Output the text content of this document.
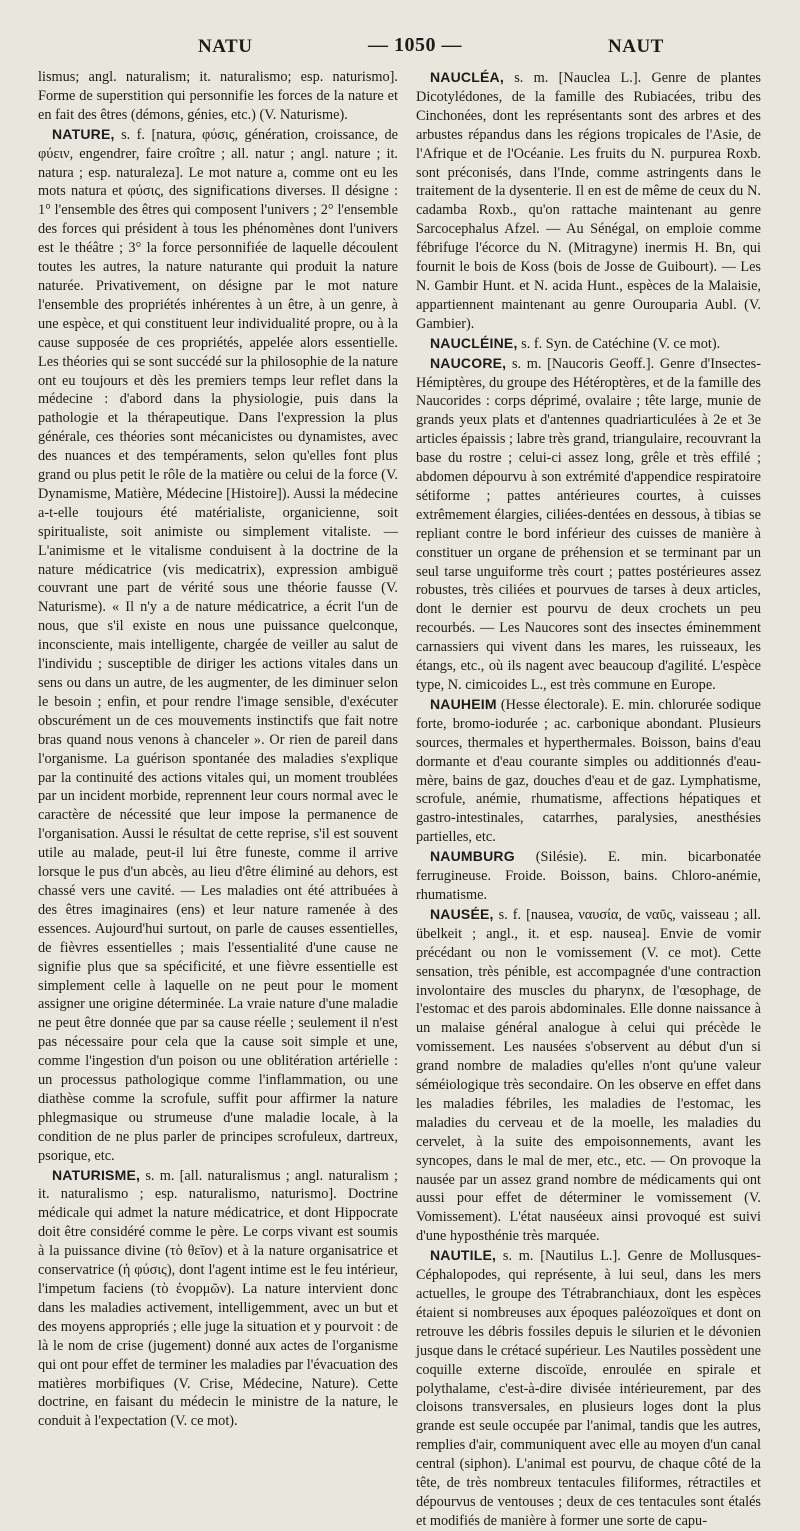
NATU	— 1050 —	NAUT

lismus; angl. naturalism; it. naturalismo; esp. naturismo]. Forme de superstition qui personnifie les forces de la nature et en fait des êtres (démons, génies, etc.) (V. Naturisme).

NATURE, s. f. [natura, φύσις, génération, croissance, de φύειν, engendrer, faire croître ; all. natur ; angl. nature ; it. natura ; esp. naturaleza]. Le mot nature a, comme ont eu les mots natura et φύσις, des significations diverses. Il désigne : 1° l'ensemble des êtres qui composent l'univers ; 2° l'ensemble des forces qui président à tous les phénomènes dont l'univers est le théâtre ; 3° la force personnifiée de laquelle découlent toutes les autres, la nature naturante qui produit la nature naturée. Privativement, on désigne par le mot nature l'ensemble des propriétés inhérentes à un être, à un genre, à une espèce, et qui constituent leur individualité propre, ou à la cause supposée de ces propriétés, appelée alors essentielle. Les théories qui se sont succédé sur la philosophie de la nature ont eu toujours et dès les premiers temps leur reflet dans la médecine : d'abord dans la physiologie, puis dans la pathologie et la thérapeutique. Dans l'expression la plus générale, ces théories sont mécanicistes ou dynamistes, avec des nuances et des tempéraments, selon qu'elles font plus grand ou plus petit le rôle de la matière ou celui de la force (V. Dynamisme, Matière, Médecine [Histoire]). Aussi la médecine a-t-elle toujours été matérialiste, organicienne, soit spiritualiste, soit animiste ou simplement vitaliste. — L'animisme et le vitalisme conduisent à la doctrine de la nature médicatrice (vis medicatrix), expression ambiguë couvrant une part de vérité sous une théorie fausse (V. Naturisme). « Il n'y a de nature médicatrice, a écrit l'un de nous, que s'il existe en nous une puissance quelconque, inconsciente, mais intelligente, chargée de veiller au salut de l'individu ; susceptible de diriger les actions vitales dans un sens ou dans un autre, de les augmenter, de les diminuer selon le besoin ; enfin, et pour rendre l'image sensible, d'exécuter obscurément un de ces mouvements instinctifs que fait notre bras quand nous venons à chanceler ». Or rien de pareil dans l'organisme. La guérison spontanée des maladies s'explique par la continuité des actions vitales qui, un moment troublées par un incident morbide, reprennent leur cours normal avec le caractère de nécessité que leur impose la permanence de l'organisation. Aussi le résultat de cette reprise, s'il est souvent utile au malade, peut-il lui être funeste, comme il arrive lorsque le pus d'un abcès, au lieu d'être éliminé au dehors, est chassé vers une cavité. — Les maladies ont été attribuées à des êtres imaginaires (ens) et leur nature ramenée à des essences. Aujourd'hui surtout, on parle de causes essentielles, de fièvres essentielles ; mais l'essentialité d'une cause ne signifie plus que sa spécificité, et une fièvre essentielle est simplement celle à laquelle on ne peut pour le moment assigner une origine déterminée. La vraie nature d'une maladie ne peut être donnée que par sa cause réelle ; seulement il n'est pas nécessaire pour cela que la cause soit simple et une, comme l'ingestion d'un poison ou une oblitération artérielle : un processus pathologique comme l'inflammation, ou une diathèse comme la scrofule, suffit pour affirmer la nature phlegmasique ou strumeuse d'une maladie locale, à la condition de ne plus parler de principes scrofuleux, dartreux, psorique, etc.

NATURISME, s. m. [all. naturalismus ; angl. naturalism ; it. naturalismo ; esp. naturalismo, naturismo]. Doctrine médicale qui admet la nature médicatrice, et dont Hippocrate doit être considéré comme le père. Le corps vivant est soumis à la puissance divine (τὸ θεῖον) et à la nature organisatrice et conservatrice (ἡ φύσις), dont l'agent intime est le feu intérieur, l'impetum faciens (τὸ ἐνορμῶν). La nature intervient donc dans les maladies activement, intelligemment, avec un but et des moyens appropriés ; elle juge la situation et y pourvoit : de là le nom de crise (jugement) donné aux actes de l'organisme qui ont pour effet de terminer les maladies par l'évacuation des matières morbifiques (V. Crise, Médecine, Nature). Cette doctrine, en faisant du médecin le ministre de la nature, le conduit à l'expectation (V. ce mot).

NAUCLÉA, s. m. [Nauclea L.]. Genre de plantes Dicotylédones, de la famille des Rubiacées, tribu des Cinchonées, dont les représentants sont des arbres et des arbustes répandus dans les régions tropicales de l'Asie, de l'Afrique et de l'Océanie. Les fruits du N. purpurea Roxb. sont préconisés, dans l'Inde, comme astringents dans le traitement de la dysenterie. Il en est de même de ceux du N. cadamba Roxb., qu'on rattache maintenant au genre Sarcocephalus Afzel. — Au Sénégal, on emploie comme fébrifuge l'écorce du N. (Mitragyne) inermis H. Bn, qui fournit le bois de Koss (bois de Josse de Guibourt). — Les N. Gambir Hunt. et N. acida Hunt., espèces de la Malaisie, appartiennent maintenant au genre Ourouparia Aubl. (V. Gambier).

NAUCLÉINE, s. f. Syn. de Catéchine (V. ce mot).

NAUCORE, s. m. [Naucoris Geoff.]. Genre d'Insectes-Hémiptères, du groupe des Hétéroptères, et de la famille des Naucorides : corps déprimé, ovalaire ; tête large, munie de grands yeux plats et d'antennes quadriarticulées à 2e et 3e articles épaissis ; labre très grand, triangulaire, recouvrant la base du rostre ; celui-ci assez long, grêle et très effilé ; abdomen dépourvu à son extrémité d'appendice respiratoire sétiforme ; pattes antérieures courtes, à cuisses extrêmement élargies, ciliées-dentées en dessous, à tibias se repliant contre le bord inférieur des cuisses de manière à constituer un organe de préhension et se terminant par un seul tarse unguiforme très court ; pattes postérieures assez robustes, très ciliées et pourvues de tarses à deux articles, dont le dernier est pourvu de deux crochets un peu recourbés. — Les Naucores sont des insectes éminemment carnassiers qui vivent dans les mares, les ruisseaux, les étangs, etc., où ils nagent avec beaucoup d'agilité. L'espèce type, N. cimicoides L., est très commune en Europe.

NAUHEIM (Hesse électorale). E. min. chlorurée sodique forte, bromo-iodurée ; ac. carbonique abondant. Plusieurs sources, thermales et hyperthermales. Boisson, bains d'eau dormante et d'eau courante simples ou additionnés d'eau-mère, bains de gaz, douches d'eau et de gaz. Lymphatisme, scrofule, anémie, rhumatisme, affections hépatiques et gastro-intestinales, catarrhes, paralysies, anesthésies partielles, etc.

NAUMBURG (Silésie). E. min. bicarbonatée ferrugineuse. Froide. Boisson, bains. Chloro-anémie, rhumatisme.

NAUSÉE, s. f. [nausea, ναυσία, de ναῦς, vaisseau ; all. übelkeit ; angl., it. et esp. nausea]. Envie de vomir précédant ou non le vomissement (V. ce mot). Cette sensation, très pénible, est accompagnée d'une contraction involontaire des muscles du pharynx, de l'œsophage, de l'estomac et des parois abdominales. Elle donne naissance à un malaise général analogue à celui qui précède le vomissement. Les nausées s'observent au début d'un si grand nombre de maladies qu'elles n'ont qu'une valeur séméiologique très secondaire. On les observe en effet dans les maladies fébriles, les maladies de l'estomac, les maladies du cerveau et de la moelle, les maladies du cervelet, à la suite des empoisonnements, avant les syncopes, dans le mal de mer, etc., etc. — On provoque la nausée par un assez grand nombre de médicaments qui ont aussi pour effet de déterminer le vomissement (V. Vomissement). L'état nauséeux ainsi provoqué est suivi d'une hyposthénie très marquée.

NAUTILE, s. m. [Nautilus L.]. Genre de Mollusques-Céphalopodes, qui représente, à lui seul, dans les mers actuelles, le groupe des Tétrabranchiaux, dont les espèces étaient si nombreuses aux époques paléozoïques et dont on retrouve les débris fossiles depuis le silurien et le dévonien jusque dans le crétacé supérieur. Les Nautiles possèdent une coquille externe discoïde, enroulée en spirale et polythalame, c'est-à-dire divisée intérieurement, par des cloisons transversales, en plusieurs loges dont la plus grande est seule occupée par l'animal, tandis que les autres, remplies d'air, communiquent avec elle au moyen d'un canal central (siphon). L'animal est pourvu, de chaque côté de la tête, de très nombreux tentacules filiformes, rétractiles et dépourvus de ventouses ; deux de ces tentacules sont étalés et modifiés de manière à former une sorte de capu-
